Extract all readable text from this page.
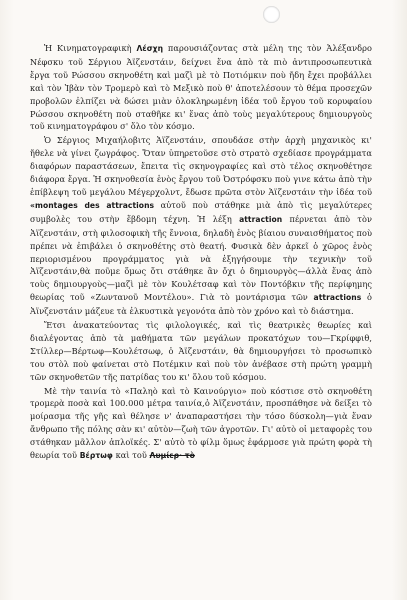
Ἡ Κινηματογραφικὴ Λέσχη παρουσιάζοντας στὰ μέλη της τὸν Ἀλέξανδρο Νέφσκυ τοῦ Σέργιου Ἀϊζενστάιν, δείχνει ἕνα ἀπὸ τὰ πιὸ ἀντιπροσωπευτικὰ ἔργα τοῦ Ρώσσου σκηνοθέτη καὶ μαζὶ μὲ τὸ Ποτιόμκιν ποὺ ἤδη ἔχει προβάλλει καὶ τὸν Ἰβὰν τὸν Τρομερὸ καὶ τὸ Μεξικὸ ποὺ θ' ἀποτελέσουν τὸ θέμα προσεχῶν προβολῶν ἐλπίζει νὰ δώσει μιὰν ὁλοκληρωμένη ἰδέα τοῦ ἔργου τοῦ κορυφαίου Ρώσσου σκηνοθέτη ποὺ σταθῆκε κι' ἕνας ἀπὸ τοὺς μεγαλύτερους δημιουργοὺς τοῦ κινηματογράφου σ' ὅλο τὸν κόσμο.

Ὁ Σέργιος Μιχαήλοβιτς Ἀϊζενστάιν, σπουδάσε στὴν ἀρχὴ μηχανικὸς κι' ἤθελε νὰ γίνει ζωγράφος. Ὅταν ὑπηρετοῦσε στὸ στρατὸ σχεδίασε προγράμματα διαφόρων παραστάσεων, ἔπειτα τὶς σκηνογραφίες καὶ στὸ τέλος σκηνοθέτησε διάφορα ἔργα. Ἡ σκηνοθεσία ἑνὸς ἔργου τοῦ Ὀστρόφσκυ ποὺ γινε κάτω ἀπὸ τὴν ἐπίβλεψη τοῦ μεγάλου Μέγερχολντ, ἔδωσε πρῶτα στὸν Ἀϊζενστάιν τὴν ἰδέα τοῦ «montages des attractions αὐτοῦ ποὺ στάθηκε μιὰ ἀπὸ τὶς μεγαλύτερες συμβολὲς του στὴν ἕβδομη τέχνη. Ἡ λέξη attraction πέρνεται ἀπὸ τὸν Ἀϊζενστάιν, στὴ φιλοσοφικὴ τῆς ἔννοια, δηλαδὴ ἑνὸς βίαιου συναισθήματος ποὺ πρέπει νὰ ἐπιβάλει ὁ σκηνοθέτης στὸ θεατή. Φυσικὰ δὲν ἀρκεῖ ὁ χῶρος ἑνὸς περιορισμένου προγράμματος γιὰ νὰ ἐξηγήσουμε τὴν τεχνικὴν τοῦ Ἀϊζενστάιν,θὰ ποῦμε ὅμως ὅτι στάθηκε ἂν ὄχι ὁ δημιουργὸς—άλλὰ ἕνας ἀπὸ τοὺς δημιουργοὺς—μαζὶ μὲ τὸν Κουλέτσαφ καὶ τὸν Ποντόβκιν τῆς περίφημης θεωρίας τοῦ «Ζωντανοῦ Μοντέλου». Γιὰ τὸ μοντάρισμα τῶν attractions ὁ Ἀϊνζενστάιν μάζευε τὰ ἐλκυστικὰ γεγονότα ἀπὸ τὸν χρόνο καὶ τὸ διάστημα.

Ἔτσι ἀνακατεύοντας τὶς φιλολογικές, καὶ τὶς θεατρικὲς θεωρίες καὶ διαλέγοντας ἀπὸ τὰ μαθήματα τῶν μεγάλων προκατόχων του—Γκρίφφιθ, Στίλλερ—Βέρτωφ—Κουλέτσωφ, ὁ Ἀϊζενστάιν, θὰ δημιουργήσει τὸ προσωπικὸ του στὸλ ποὺ φαίνεται στὸ Ποτέμκιν καὶ ποὺ τὸν ἀνέβασε στὴ πρώτη γραμμὴ τῶν σκηνοθετῶν τῆς πατρίδας του κι' ὅλου τοῦ κόσμου.

Μὲ τὴν ταινία τὸ «Παληὸ καὶ τὸ Καινούργιο» ποὺ κόστισε στὸ σκηνοθέτη τρομερὰ ποσὰ καὶ 100.000 μέτρα ταινία,ὁ Ἀϊζενστάιν, προσπάθησε νὰ δείξει τὸ μοίρασμα τῆς γῆς καὶ θέλησε ν' ἀναπαραστήσει τὴν τόσο δύσκολη—γιὰ ἕναν ἄνθρωπο τῆς πόλης σὰν κι' αὐτὸν—ζωὴ τῶν ἀγροτῶν. Γι' αὐτὸ οἱ μεταφορὲς του στάθηκαν μᾶλλον ἀπλοϊκές. Σ' αὐτὸ τὸ φίλμ ὅμως ἐφάρμοσε γιὰ πρώτη φορὰ τὴ θεωρία τοῦ Βέρτωφ καὶ τοῦ Λυμίερ· τὸ
